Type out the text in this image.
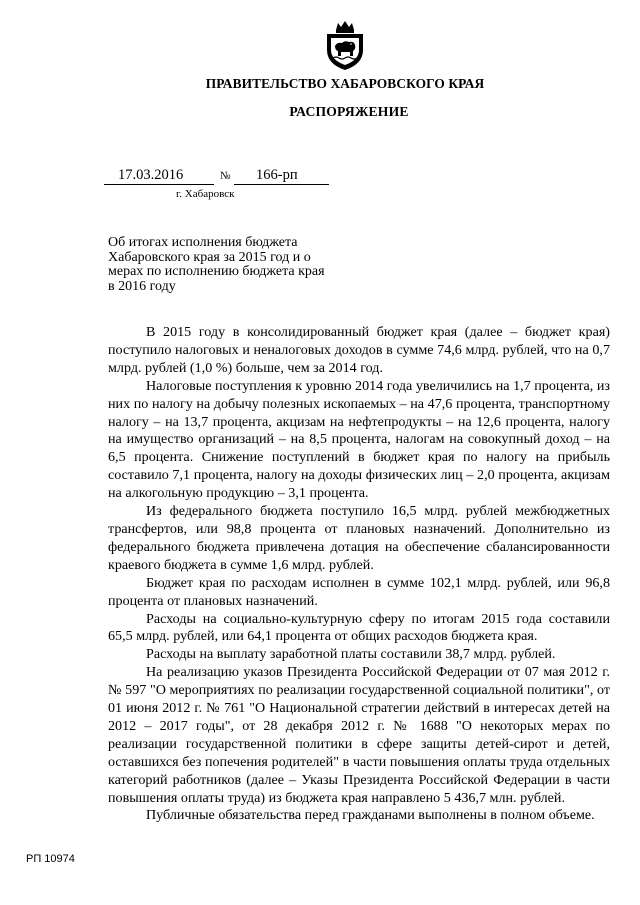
ПРАВИТЕЛЬСТВО ХАБАРОВСКОГО КРАЯ
РАСПОРЯЖЕНИЕ
17.03.2016	№	166-рп
г. Хабаровск
Об итогах исполнения бюджета Хабаровского края за 2015 год и о мерах по исполнению бюджета края в 2016 году

В 2015 году в консолидированный бюджет края (далее – бюджет края) поступило налоговых и неналоговых доходов в сумме 74,6 млрд. рублей, что на 0,7 млрд. рублей (1,0 %) больше, чем за 2014 год.

Налоговые поступления к уровню 2014 года увеличились на 1,7 процента, из них по налогу на добычу полезных ископаемых – на 47,6 процента, транспортному налогу – на 13,7 процента, акцизам на нефтепродукты – на 12,6 процента, налогу на имущество организаций – на 8,5 процента, налогам на совокупный доход – на 6,5 процента. Снижение поступлений в бюджет края по налогу на прибыль составило 7,1 процента, налогу на доходы физических лиц – 2,0 процента, акцизам на алкогольную продукцию – 3,1 процента.

Из федерального бюджета поступило 16,5 млрд. рублей межбюджетных трансфертов, или 98,8 процента от плановых назначений. Дополнительно из федерального бюджета привлечена дотация на обеспечение сбалансированности краевого бюджета в сумме 1,6 млрд. рублей.

Бюджет края по расходам исполнен в сумме 102,1 млрд. рублей, или 96,8 процента от плановых назначений.

Расходы на социально-культурную сферу по итогам 2015 года составили 65,5 млрд. рублей, или 64,1 процента от общих расходов бюджета края.

Расходы на выплату заработной платы составили 38,7 млрд. рублей.

На реализацию указов Президента Российской Федерации от 07 мая 2012 г. № 597 "О мероприятиях по реализации государственной социальной политики", от 01 июня 2012 г. № 761 "О Национальной стратегии действий в интересах детей на 2012 – 2017 годы", от 28 декабря 2012 г. № 1688 "О некоторых мерах по реализации государственной политики в сфере защиты детей-сирот и детей, оставшихся без попечения родителей" в части повышения оплаты труда отдельных категорий работников (далее – Указы Президента Российской Федерации в части повышения оплаты труда) из бюджета края направлено 5 436,7 млн. рублей.

Публичные обязательства перед гражданами выполнены в полном объеме.

РП 10974
